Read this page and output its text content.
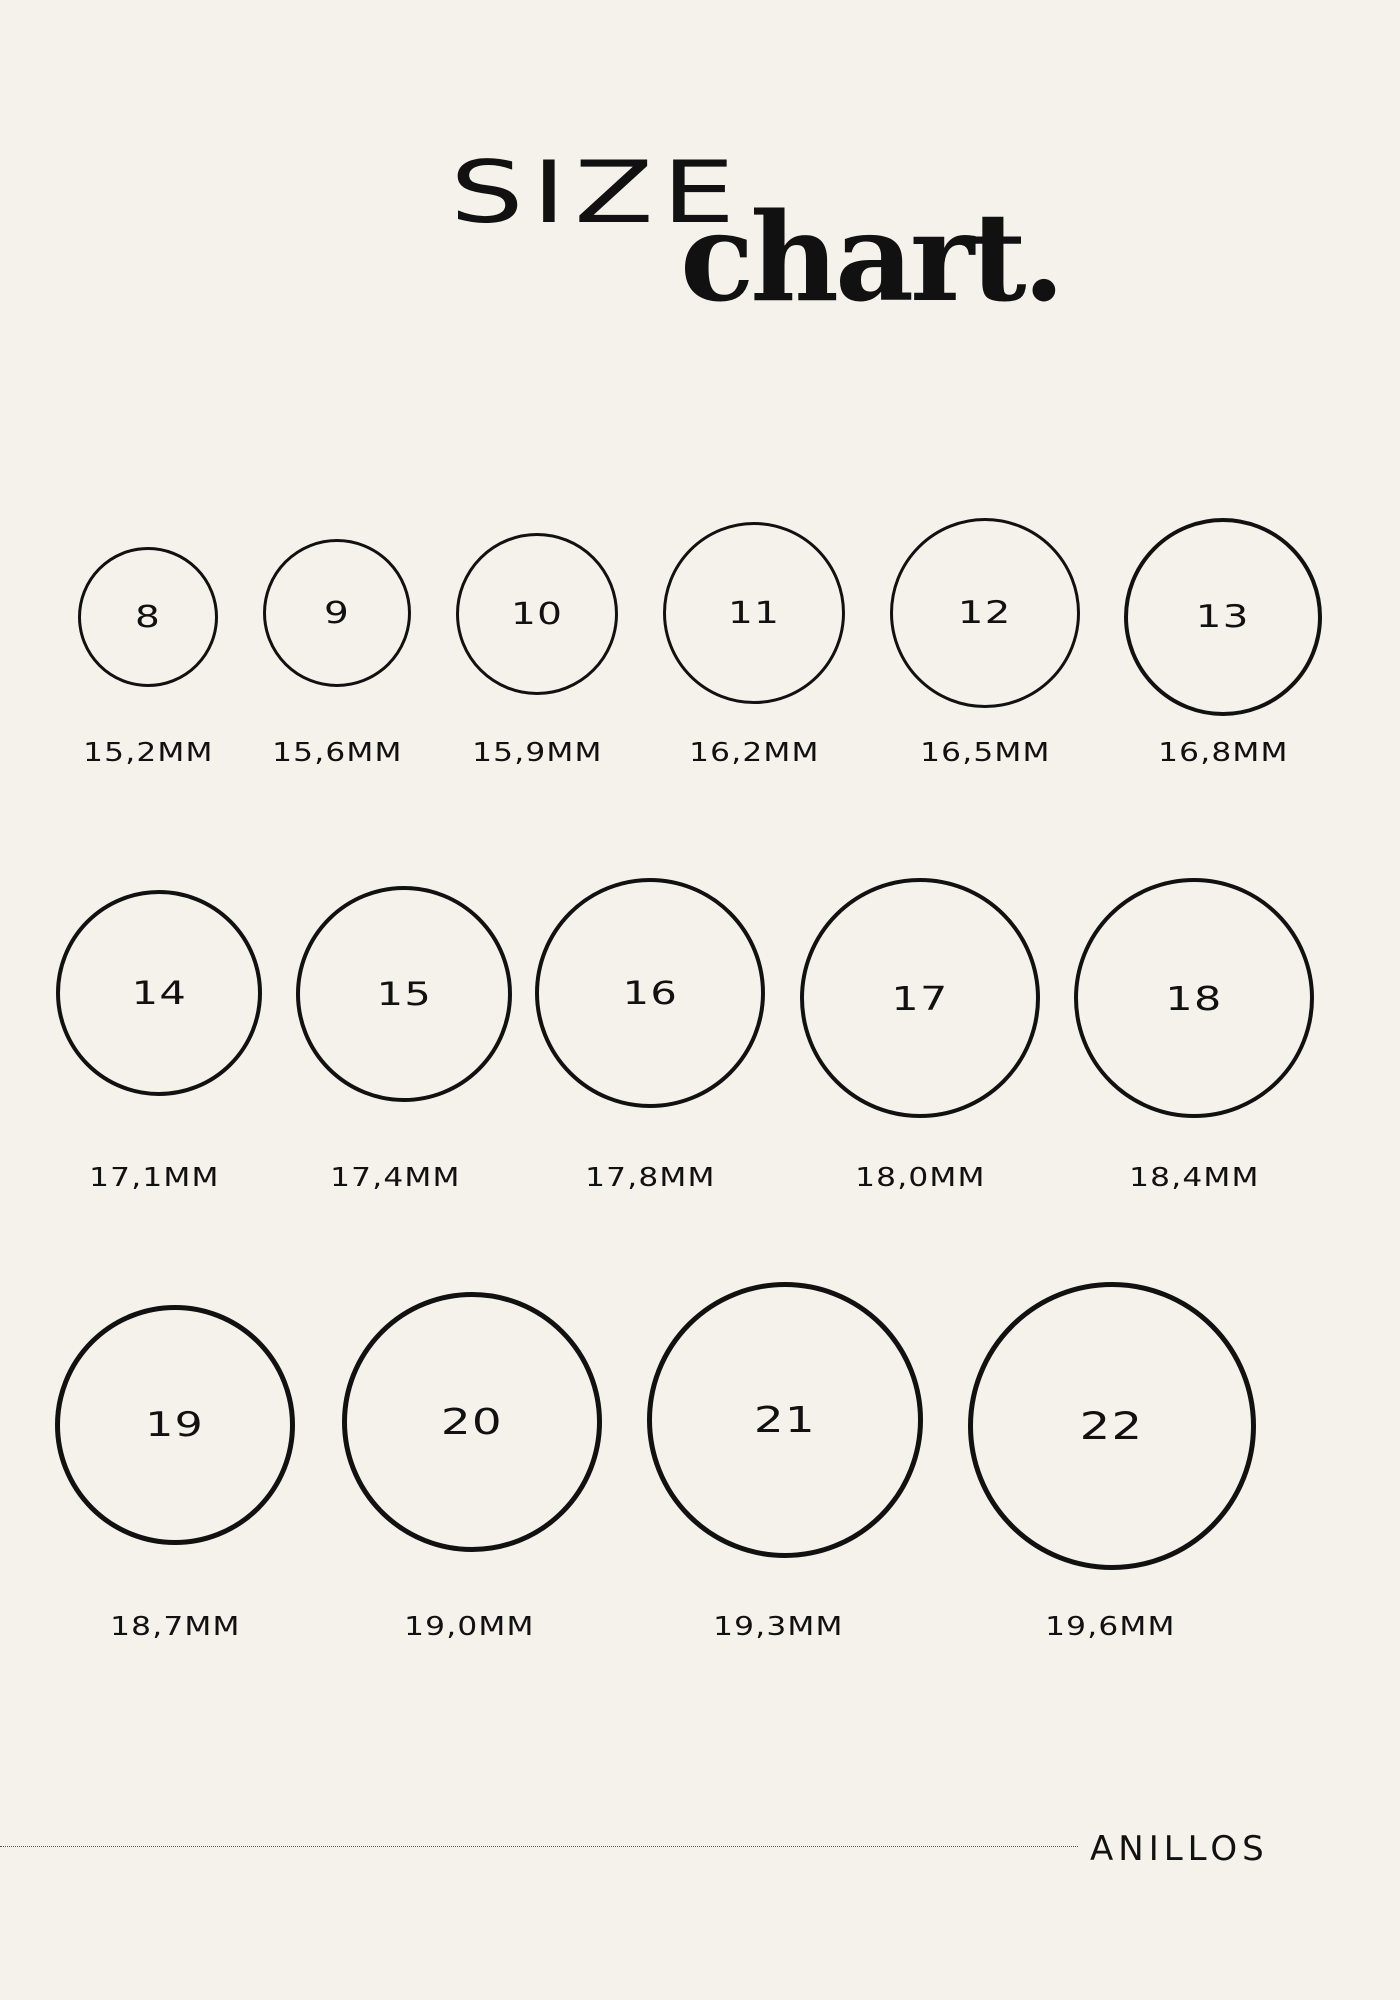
SIZE
chart.
8	9	10	11	12	13
15,2MM	15,6MM	15,9MM	16,2MM	16,5MM	16,8MM
14	15	16	17	18
17,1MM	17,4MM	17,8MM	18,0MM	18,4MM
19	20	21	22
18,7MM	19,0MM	19,3MM	19,6MM
ANILLOS
